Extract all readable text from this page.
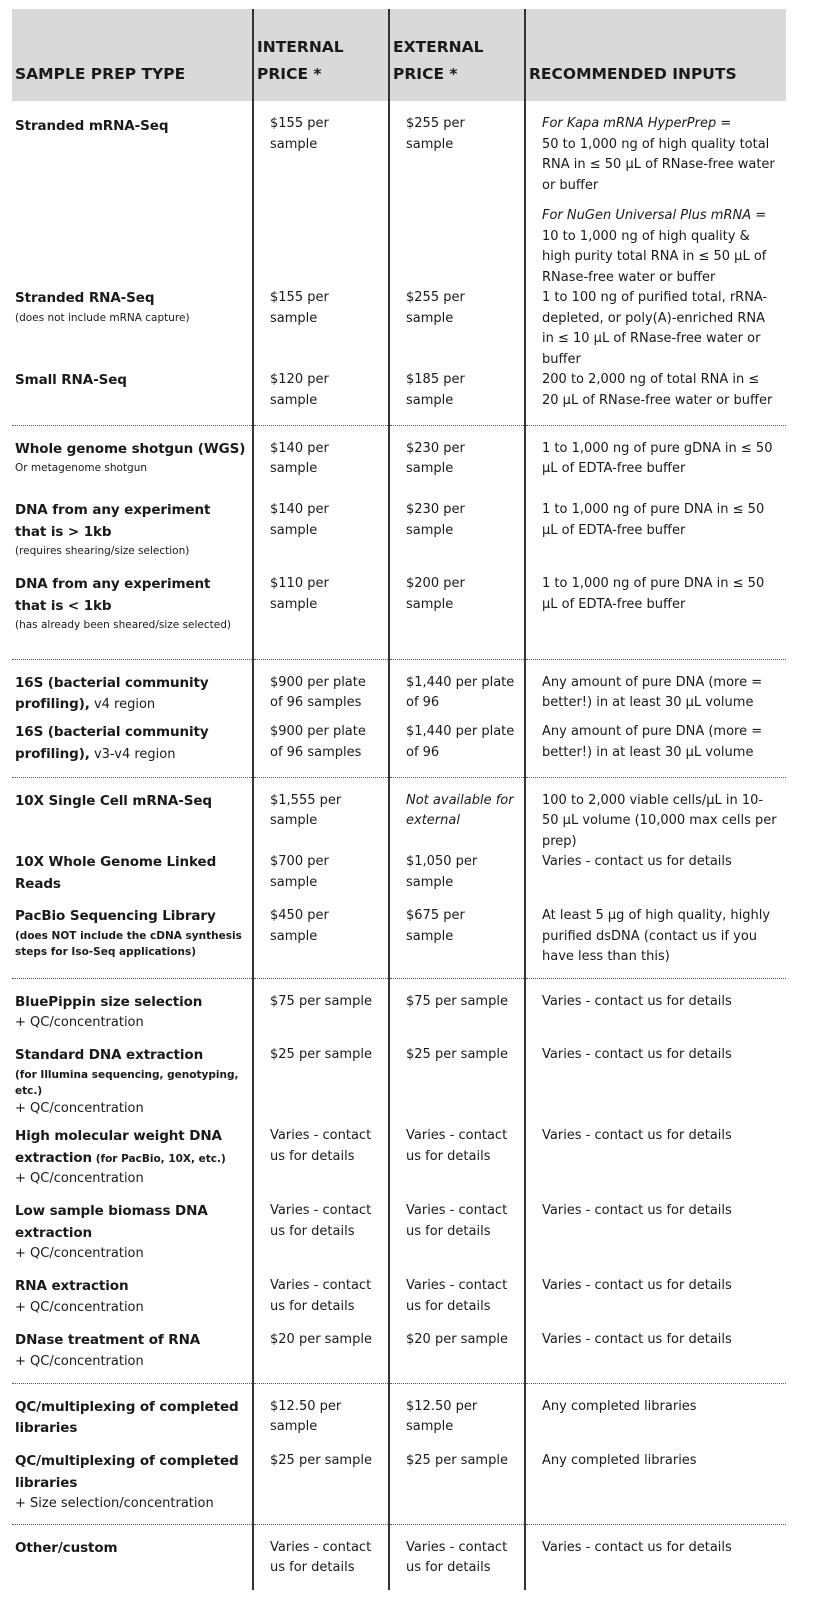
SAMPLE PREP TYPE	INTERNAL PRICE *	EXTERNAL PRICE *	RECOMMENDED INPUTS
Stranded mRNA-Seq	$155 per sample	$255 per sample	For Kapa mRNA HyperPrep =
50 to 1,000 ng of high quality total RNA in ≤ 50 µL of RNase-free water or buffer
For NuGen Universal Plus mRNA =
10 to 1,000 ng of high quality & high purity total RNA in ≤ 50 µL of RNase-free water or buffer

Stranded RNA-Seq
(does not include mRNA capture)	$155 per sample	$255 per sample	1 to 100 ng of purified total, rRNA-depleted, or poly(A)-enriched RNA in ≤ 10 µL of RNase-free water or buffer
Small RNA-Seq	$120 per sample	$185 per sample	200 to 2,000 ng of total RNA in ≤ 20 µL of RNase-free water or buffer
Whole genome shotgun (WGS)
Or metagenome shotgun	$140 per sample	$230 per sample	1 to 1,000 ng of pure gDNA in ≤ 50 µL of EDTA-free buffer
DNA from any experiment that is > 1kb
(requires shearing/size selection)	$140 per sample	$230 per sample	1 to 1,000 ng of pure DNA in ≤ 50 µL of EDTA-free buffer
DNA from any experiment that is < 1kb
(has already been sheared/size selected)	$110 per sample	$200 per sample	1 to 1,000 ng of pure DNA in ≤ 50 µL of EDTA-free buffer
16S (bacterial community profiling), v4 region	$900 per plate of 96 samples	$1,440 per plate of 96	Any amount of pure DNA (more = better!) in at least 30 µL volume
16S (bacterial community profiling), v3-v4 region	$900 per plate of 96 samples	$1,440 per plate of 96	Any amount of pure DNA (more = better!) in at least 30 µL volume
10X Single Cell mRNA-Seq	$1,555 per sample	Not available for external	100 to 2,000 viable cells/µL in 10-50 µL volume (10,000 max cells per prep)
10X Whole Genome Linked Reads	$700 per sample	$1,050 per sample	Varies - contact us for details
PacBio Sequencing Library
(does NOT include the cDNA synthesis steps for Iso-Seq applications)	$450 per sample	$675 per sample	At least 5 µg of high quality, highly purified dsDNA (contact us if you have less than this)
BluePippin size selection
+ QC/concentration	$75 per sample	$75 per sample	Varies - contact us for details
Standard DNA extraction
(for Illumina sequencing, genotyping, etc.)
+ QC/concentration	$25 per sample	$25 per sample	Varies - contact us for details
High molecular weight DNA extraction (for PacBio, 10X, etc.)
+ QC/concentration	Varies - contact us for details	Varies - contact us for details	Varies - contact us for details
Low sample biomass DNA extraction
+ QC/concentration	Varies - contact us for details	Varies - contact us for details	Varies - contact us for details
RNA extraction
+ QC/concentration	Varies - contact us for details	Varies - contact us for details	Varies - contact us for details
DNase treatment of RNA
+ QC/concentration	$20 per sample	$20 per sample	Varies - contact us for details
QC/multiplexing of completed libraries	$12.50 per sample	$12.50 per sample	Any completed libraries
QC/multiplexing of completed libraries
+ Size selection/concentration	$25 per sample	$25 per sample	Any completed libraries
Other/custom	Varies - contact us for details	Varies - contact us for details	Varies - contact us for details
